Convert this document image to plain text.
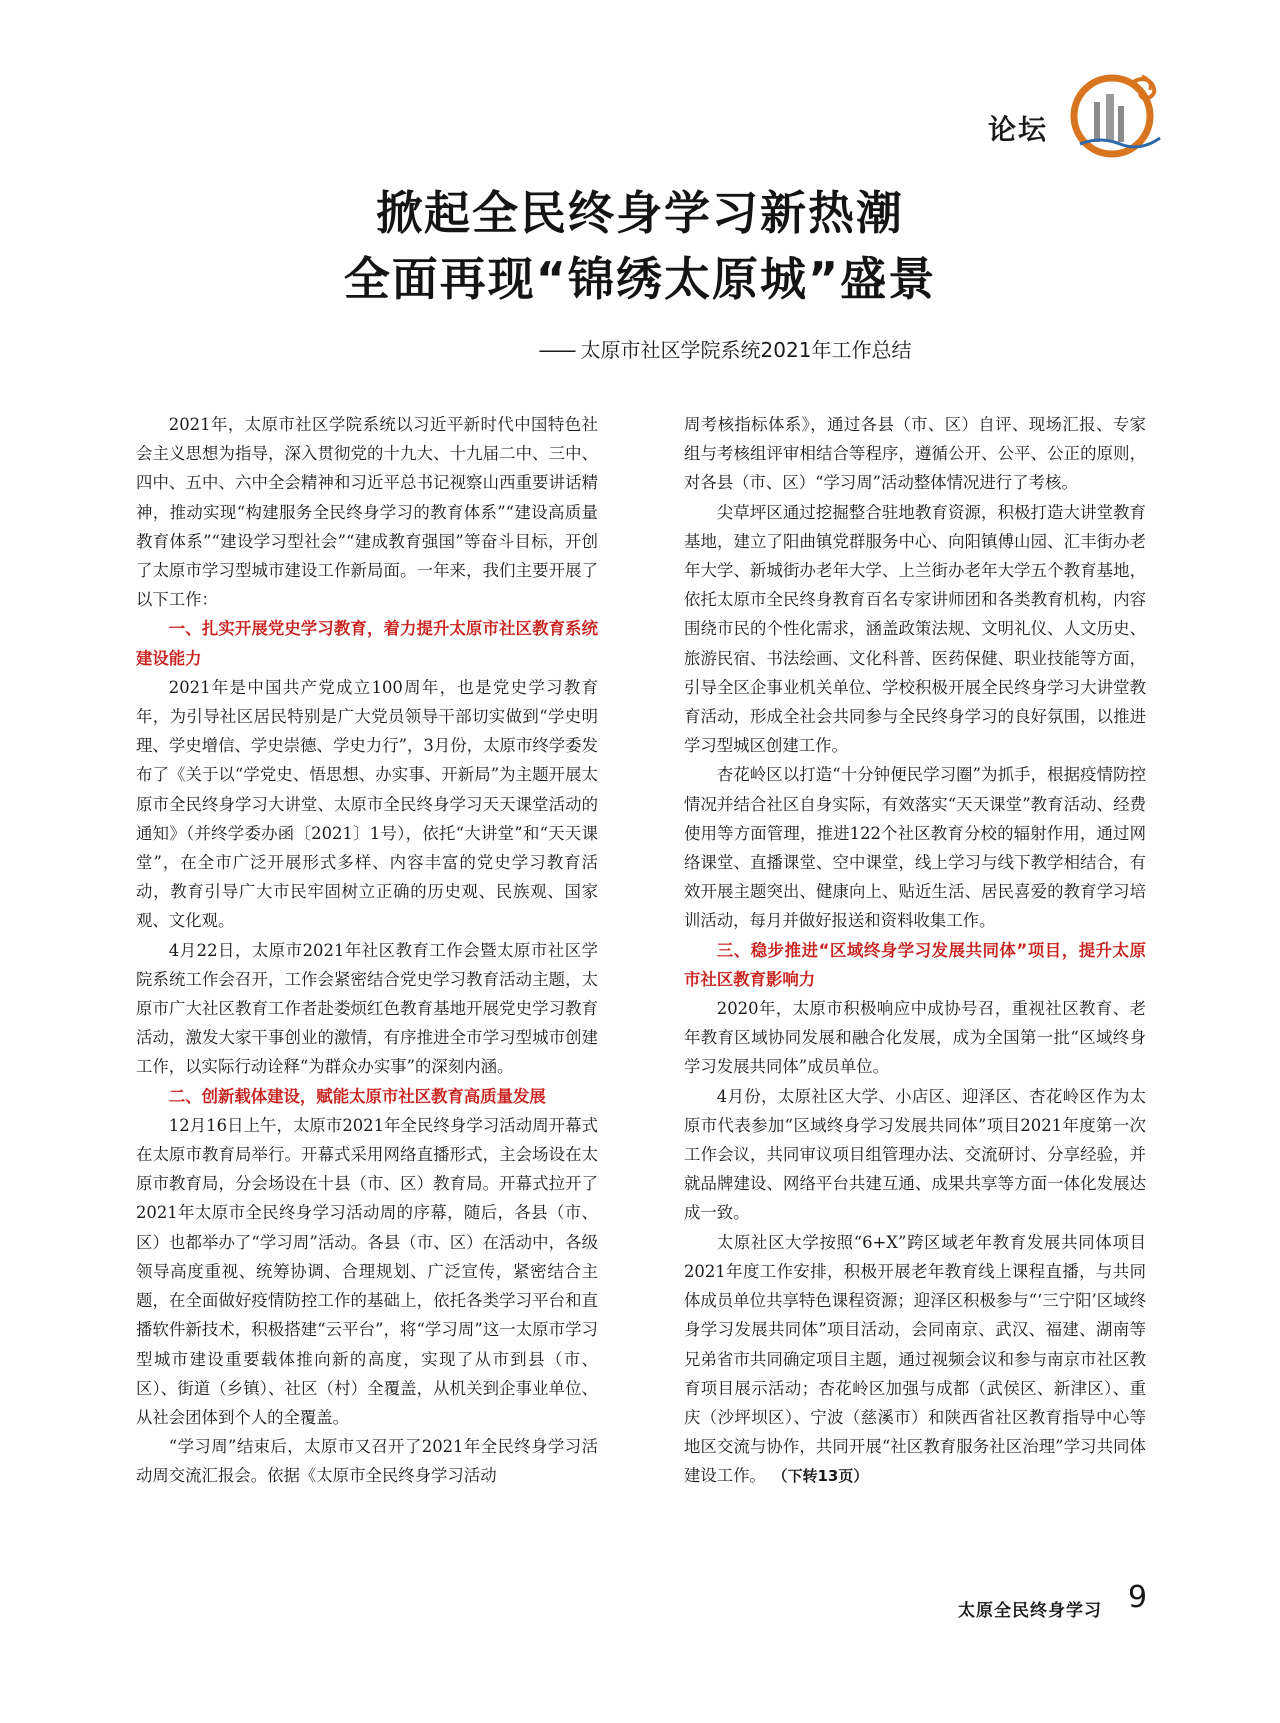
论坛
掀起全民终身学习新热潮
全面再现“锦绣太原城”盛景
—— 太原市社区学院系统2021年工作总结

2021年，太原市社区学院系统以习近平新时代中国特色社会主义思想为指导，深入贯彻党的十九大、十九届二中、三中、四中、五中、六中全会精神和习近平总书记视察山西重要讲话精神，推动实现“构建服务全民终身学习的教育体系”“建设高质量教育体系”“建设学习型社会”“建成教育强国”等奋斗目标，开创了太原市学习型城市建设工作新局面。一年来，我们主要开展了以下工作：

一、扎实开展党史学习教育，着力提升太原市社区教育系统建设能力

2021年是中国共产党成立100周年，也是党史学习教育年，为引导社区居民特别是广大党员领导干部切实做到“学史明理、学史增信、学史崇德、学史力行”，3月份，太原市终学委发布了《关于以“学党史、悟思想、办实事、开新局”为主题开展太原市全民终身学习大讲堂、太原市全民终身学习天天课堂活动的通知》（并终学委办函〔2021〕1号），依托“大讲堂”和“天天课堂”，在全市广泛开展形式多样、内容丰富的党史学习教育活动，教育引导广大市民牢固树立正确的历史观、民族观、国家观、文化观。

4月22日，太原市2021年社区教育工作会暨太原市社区学院系统工作会召开，工作会紧密结合党史学习教育活动主题，太原市广大社区教育工作者赴娄烦红色教育基地开展党史学习教育活动，激发大家干事创业的激情，有序推进全市学习型城市创建工作，以实际行动诠释“为群众办实事”的深刻内涵。

二、创新载体建设，赋能太原市社区教育高质量发展

12月16日上午，太原市2021年全民终身学习活动周开幕式在太原市教育局举行。开幕式采用网络直播形式，主会场设在太原市教育局，分会场设在十县（市、区）教育局。开幕式拉开了2021年太原市全民终身学习活动周的序幕，随后，各县（市、区）也都举办了“学习周”活动。各县（市、区）在活动中，各级领导高度重视、统筹协调、合理规划、广泛宣传，紧密结合主题，在全面做好疫情防控工作的基础上，依托各类学习平台和直播软件新技术，积极搭建“云平台”，将“学习周”这一太原市学习型城市建设重要载体推向新的高度，实现了从市到县（市、区）、街道（乡镇）、社区（村）全覆盖，从机关到企事业单位、从社会团体到个人的全覆盖。

“学习周”结束后，太原市又召开了2021年全民终身学习活动周交流汇报会。依据《太原市全民终身学习活动

周考核指标体系》，通过各县（市、区）自评、现场汇报、专家组与考核组评审相结合等程序，遵循公开、公平、公正的原则，对各县（市、区）“学习周”活动整体情况进行了考核。

尖草坪区通过挖掘整合驻地教育资源，积极打造大讲堂教育基地，建立了阳曲镇党群服务中心、向阳镇傅山园、汇丰街办老年大学、新城街办老年大学、上兰街办老年大学五个教育基地，依托太原市全民终身教育百名专家讲师团和各类教育机构，内容围绕市民的个性化需求，涵盖政策法规、文明礼仪、人文历史、旅游民宿、书法绘画、文化科普、医药保健、职业技能等方面，引导全区企事业机关单位、学校积极开展全民终身学习大讲堂教育活动，形成全社会共同参与全民终身学习的良好氛围，以推进学习型城区创建工作。

杏花岭区以打造“十分钟便民学习圈”为抓手，根据疫情防控情况并结合社区自身实际，有效落实“天天课堂”教育活动、经费使用等方面管理，推进122个社区教育分校的辐射作用，通过网络课堂、直播课堂、空中课堂，线上学习与线下教学相结合，有效开展主题突出、健康向上、贴近生活、居民喜爱的教育学习培训活动，每月并做好报送和资料收集工作。

三、稳步推进“区域终身学习发展共同体”项目，提升太原市社区教育影响力

2020年，太原市积极响应中成协号召，重视社区教育、老年教育区域协同发展和融合化发展，成为全国第一批“区域终身学习发展共同体”成员单位。

4月份，太原社区大学、小店区、迎泽区、杏花岭区作为太原市代表参加“区域终身学习发展共同体”项目2021年度第一次工作会议，共同审议项目组管理办法、交流研讨、分享经验，并就品牌建设、网络平台共建互通、成果共享等方面一体化发展达成一致。

太原社区大学按照“6+X”跨区域老年教育发展共同体项目2021年度工作安排，积极开展老年教育线上课程直播，与共同体成员单位共享特色课程资源；迎泽区积极参与“‘三宁阳’区域终身学习发展共同体”项目活动，会同南京、武汉、福建、湖南等兄弟省市共同确定项目主题，通过视频会议和参与南京市社区教育项目展示活动；杏花岭区加强与成都（武侯区、新津区）、重庆（沙坪坝区）、宁波（慈溪市）和陕西省社区教育指导中心等地区交流与协作，共同开展“社区教育服务社区治理”学习共同体建设工作。 （下转13页）

太原全民终身学习 9
